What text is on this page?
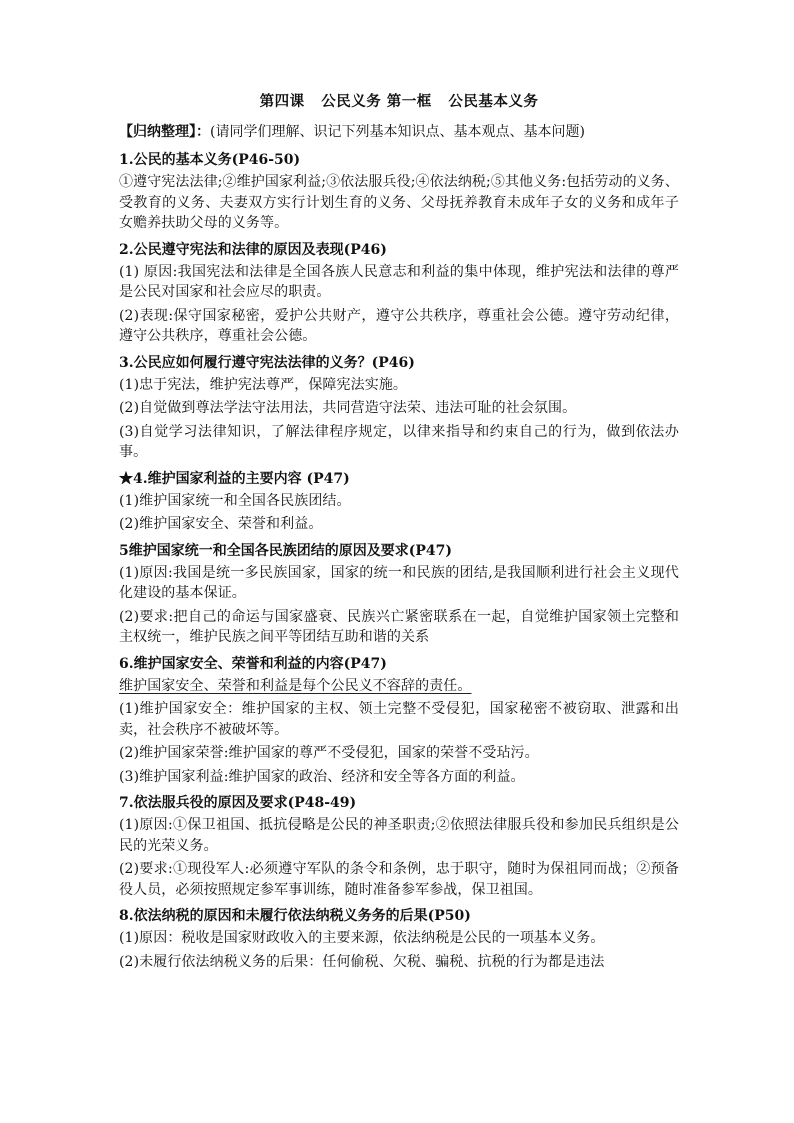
第四课   公民义务 第一框   公民基本义务
【归纳整理】：(请同学们理解、识记下列基本知识点、基本观点、基本问题)
1.公民的基本义务(P46-50)
①遵守宪法法律;②维护国家利益;③依法服兵役;④依法纳税;⑤其他义务:包括劳动的义务、受教育的义务、夫妻双方实行计划生育的义务、父母抚养教育未成年子女的义务和成年子女赡养扶助父母的义务等。
2.公民遵守宪法和法律的原因及表现(P46)
(1) 原因:我国宪法和法律是全国各族人民意志和利益的集中体现，维护宪法和法律的尊严是公民对国家和社会应尽的职责。
(2)表现:保守国家秘密，爱护公共财产，遵守公共秩序，尊重社会公德。遵守劳动纪律，遵守公共秩序，尊重社会公德。
3.公民应如何履行遵守宪法法律的义务？(P46)
(1)忠于宪法，维护宪法尊严，保障宪法实施。
(2)自觉做到尊法学法守法用法，共同营造守法荣、违法可耻的社会氛围。
(3)自觉学习法律知识，了解法律程序规定，以律来指导和约束自己的行为，做到依法办事。
★4.维护国家利益的主要内容 (P47)
(1)维护国家统一和全国各民族团结。
(2)维护国家安全、荣誉和利益。
5维护国家统一和全国各民族团结的原因及要求(P47)
(1)原因:我国是统一多民族国家，国家的统一和民族的团结,是我国顺利进行社会主义现代化建设的基本保证。
(2)要求:把自己的命运与国家盛衰、民族兴亡紧密联系在一起，自觉维护国家领土完整和主权统一，维护民族之间平等团结互助和谐的关系
6.维护国家安全、荣誉和利益的内容(P47)
维护国家安全、荣誉和利益是每个公民义不容辞的责任。
(1)维护国家安全：维护国家的主权、领土完整不受侵犯，国家秘密不被窃取、泄露和出卖，社会秩序不被破坏等。
(2)维护国家荣誉:维护国家的尊严不受侵犯，国家的荣誉不受玷污。
(3)维护国家利益:维护国家的政治、经济和安全等各方面的利益。
7.依法服兵役的原因及要求(P48-49)
(1)原因:①保卫祖国、抵抗侵略是公民的神圣职责;②依照法律服兵役和参加民兵组织是公民的光荣义务。
(2)要求:①现役军人:必须遵守军队的条令和条例，忠于职守，随时为保祖同而战；②预备役人员，必须按照规定参军事训练，随时准备参军参战，保卫祖国。
8.依法纳税的原因和未履行依法纳税义务务的后果(P50)
(1)原因：税收是国家财政收入的主要来源，依法纳税是公民的一项基本义务。
(2)未履行依法纳税义务的后果：任何偷税、欠税、骗税、抗税的行为都是违法
